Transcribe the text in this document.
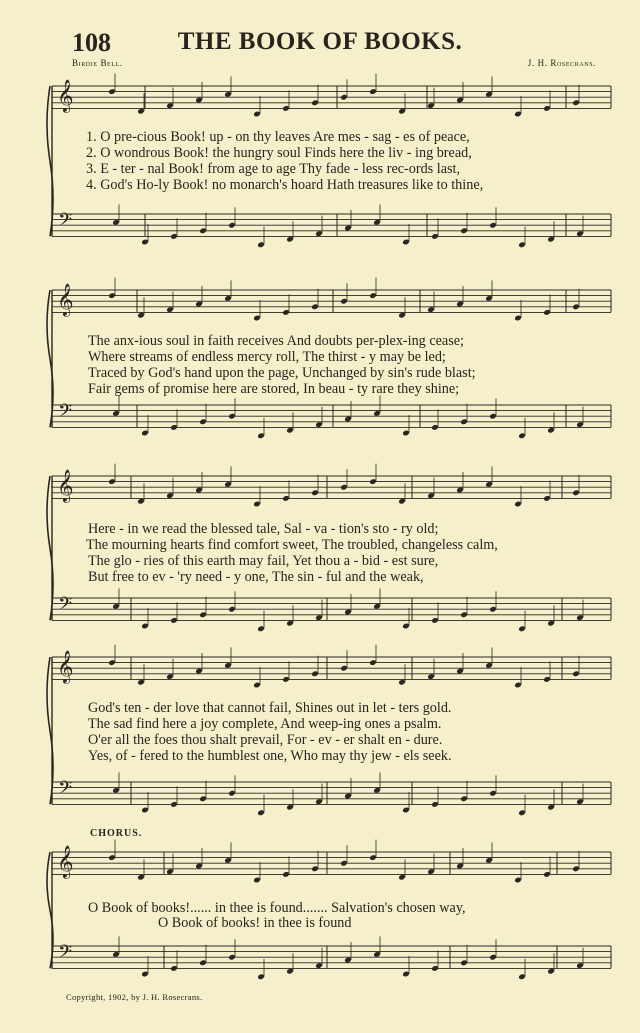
108	THE BOOK OF BOOKS.
Birdie Bell.	J. H. Rosecrans.
𝄞
𝄢
𝄞
𝄢
𝄞
𝄢
𝄞
𝄢
𝄞
𝄢
1. O pre-cious Book! up - on thy leaves Are mes - sag - es of peace,
2. O wondrous Book! the hungry soul Finds here the liv - ing bread,
3. E - ter - nal Book! from age to age Thy fade - less rec-ords last,
4. God's Ho-ly Book! no monarch's hoard Hath treasures like to thine,
The anx-ious soul in faith receives And doubts per-plex-ing cease;
Where streams of endless mercy roll, The thirst - y may be led;
Traced by God's hand upon the page, Unchanged by sin's rude blast;
Fair gems of promise here are stored, In beau - ty rare they shine;
Here - in we read the blessed tale, Sal - va - tion's sto - ry old;
The mourning hearts find comfort sweet, The troubled, changeless calm,
The glo - ries of this earth may fail, Yet thou a - bid - est sure,
But free to ev - 'ry need - y one, The sin - ful and the weak,
God's ten - der love that cannot fail, Shines out in let - ters gold.
The sad find here a joy complete, And weep-ing ones a psalm.
O'er all the foes thou shalt prevail, For - ev - er shalt en - dure.
Yes, of - fered to the humblest one, Who may thy jew - els seek.
CHORUS.
O Book of books!...... in thee is found....... Salvation's chosen way,
O Book of books! in thee is found
Copyright, 1902, by J. H. Rosecrans.
